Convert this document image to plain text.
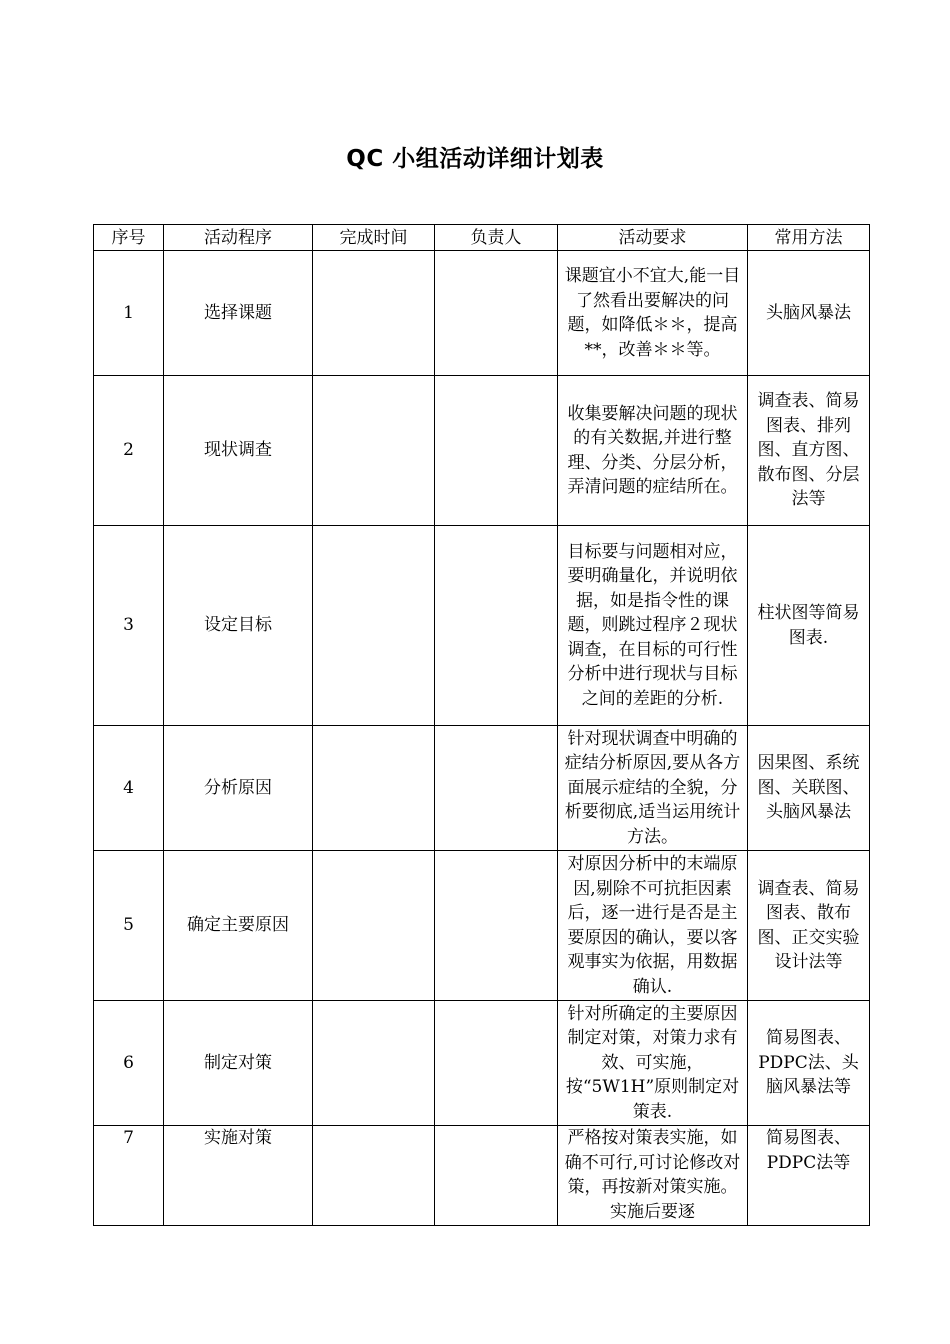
QC 小组活动详细计划表
序号	活动程序	完成时间	负责人	活动要求	常用方法
1	选择课题			课题宜小不宜大,能一目了然看出要解决的问题，如降低＊＊，提高**，改善＊＊等。	头脑风暴法
2	现状调查			收集要解决问题的现状的有关数据,并进行整理、分类、分层分析，弄清问题的症结所在。	调查表、简易图表、排列图、直方图、散布图、分层法等
3	设定目标			目标要与问题相对应，要明确量化，并说明依据，如是指令性的课题，则跳过程序２现状调查，在目标的可行性分析中进行现状与目标之间的差距的分析.	柱状图等简易图表.
4	分析原因			针对现状调查中明确的症结分析原因,要从各方面展示症结的全貌，分析要彻底,适当运用统计方法。	因果图、系统图、关联图、头脑风暴法
5	确定主要原因			对原因分析中的末端原因,剔除不可抗拒因素后，逐一进行是否是主要原因的确认，要以客观事实为依据，用数据确认.	调查表、简易图表、散布图、正交实验设计法等
6	制定对策			针对所确定的主要原因制定对策，对策力求有效、可实施，按“5W1H”原则制定对策表.	简易图表、PDPC法、头脑风暴法等
7	实施对策			严格按对策表实施，如确不可行,可讨论修改对策，再按新对策实施。实施后要逐	简易图表、PDPC法等
